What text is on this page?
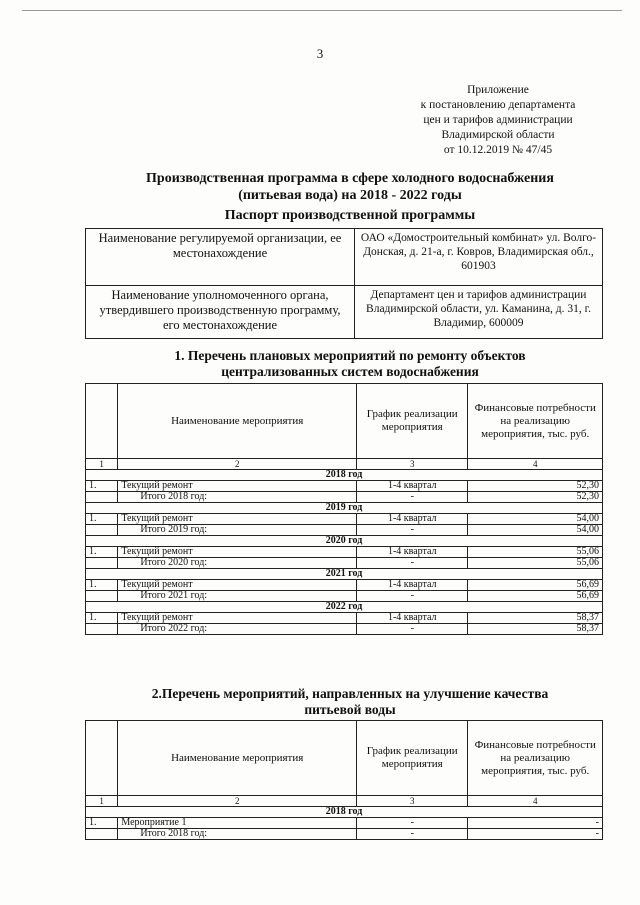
3
Приложение
к постановлению департамента
цен и тарифов администрации
Владимирской области
от 10.12.2019 № 47/45
Производственная программа в сфере холодного водоснабжения
(питьевая вода) на 2018 - 2022 годы
Паспорт производственной программы
Наименование регулируемой организации, ее местонахождение	ОАО «Домостроительный комбинат» ул. Волго-Донская, д. 21-а, г. Ковров, Владимирская обл., 601903
Наименование уполномоченного органа, утвердившего производственную программу, его местонахождение	Департамент цен и тарифов администрации Владимирской области, ул. Каманина, д. 31, г. Владимир, 600009
1. Перечень плановых мероприятий по ремонту объектов
централизованных систем водоснабжения
	Наименование мероприятия	График реализации мероприятия	Финансовые потребности на реализацию мероприятия, тыс. руб.
1	2	3	4
2018 год			
1.	Текущий ремонт	1-4 квартал	52,30
	Итого 2018 год:	-	52,30
2019 год			
1.	Текущий ремонт	1-4 квартал	54,00
	Итого 2019 год:	-	54,00
2020 год			
1.	Текущий ремонт	1-4 квартал	55,06
	Итого 2020 год:	-	55,06
2021 год			
1.	Текущий ремонт	1-4 квартал	56,69
	Итого 2021 год:	-	56,69
2022 год			
1.	Текущий ремонт	1-4 квартал	58,37
	Итого 2022 год:	-	58,37
2.Перечень мероприятий, направленных на улучшение качества
питьевой воды
	Наименование мероприятия	График реализации мероприятия	Финансовые потребности на реализацию мероприятия, тыс. руб.
1	2	3	4
2018 год			
1.	Мероприятие 1	-	-
	Итого 2018 год:	-	-
